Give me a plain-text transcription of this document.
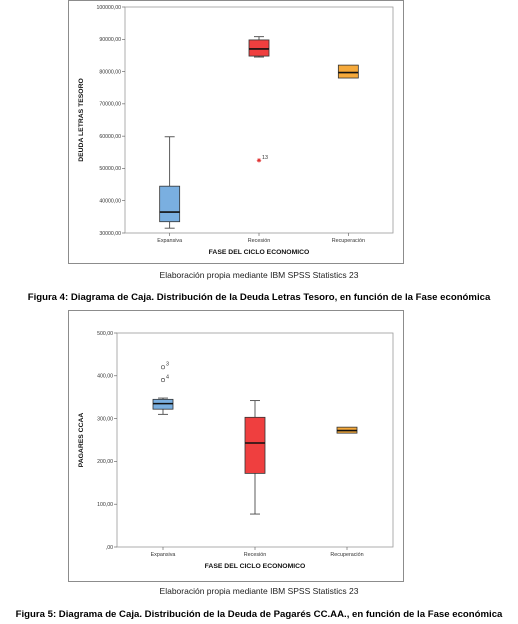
30000,00
40000,00
50000,00
60000,00
70000,00
80000,00
90000,00
100000,00
Expansiva	Recesión	Recuperación
FASE DEL CICLO ECONOMICO
DEUDA LETRAS TESORO	13
Elaboración propia mediante IBM SPSS Statistics 23
Figura 4: Diagrama de Caja. Distribución de la Deuda Letras Tesoro, en función de la Fase económica
,00
100,00
200,00
300,00
400,00
500,00
Expansiva	Recesión	Recuperación
FASE DEL CICLO ECONOMICO
PAGARES CCAA
3
4
Elaboración propia mediante IBM SPSS Statistics 23
Figura 5: Diagrama de Caja. Distribución de la Deuda de Pagarés CC.AA., en función de la Fase económica
